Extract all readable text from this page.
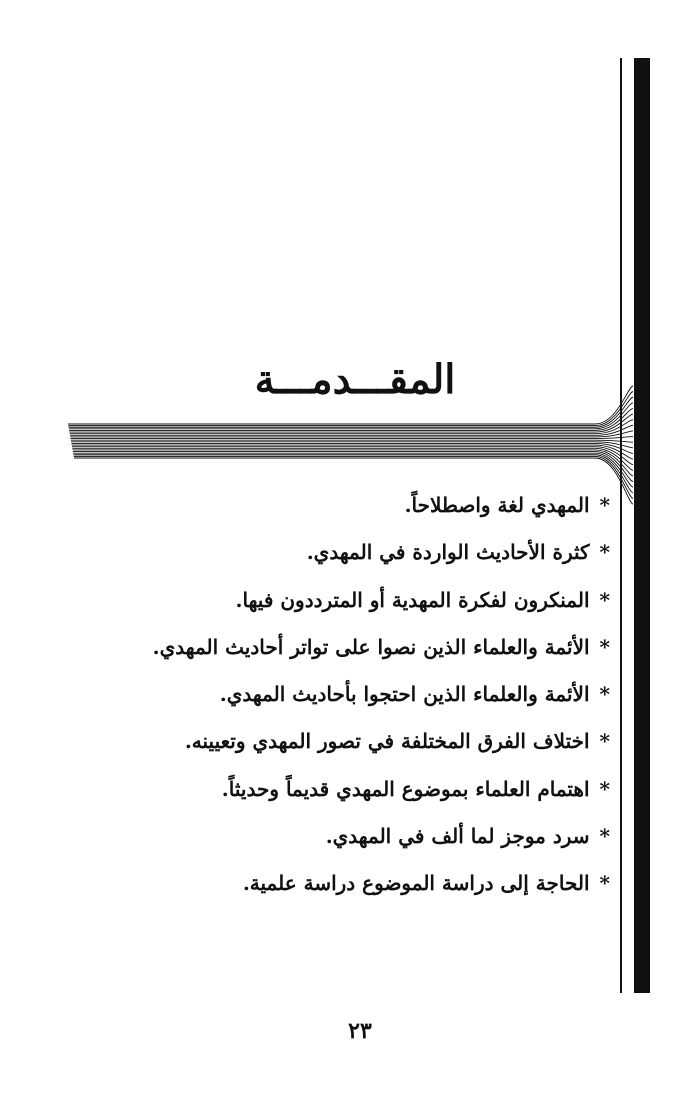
المقـــدمـــة
*المهدي لغة واصطلاحاً.
*كثرة الأحاديث الواردة في المهدي.
*المنكرون لفكرة المهدية أو المترددون فيها.
*الأئمة والعلماء الذين نصوا على تواتر أحاديث المهدي.
*الأئمة والعلماء الذين احتجوا بأحاديث المهدي.
*اختلاف الفرق المختلفة في تصور المهدي وتعيينه.
*اهتمام العلماء بموضوع المهدي قديماً وحديثاً.
*سرد موجز لما ألف في المهدي.
*الحاجة إلى دراسة الموضوع دراسة علمية.
٢٣
